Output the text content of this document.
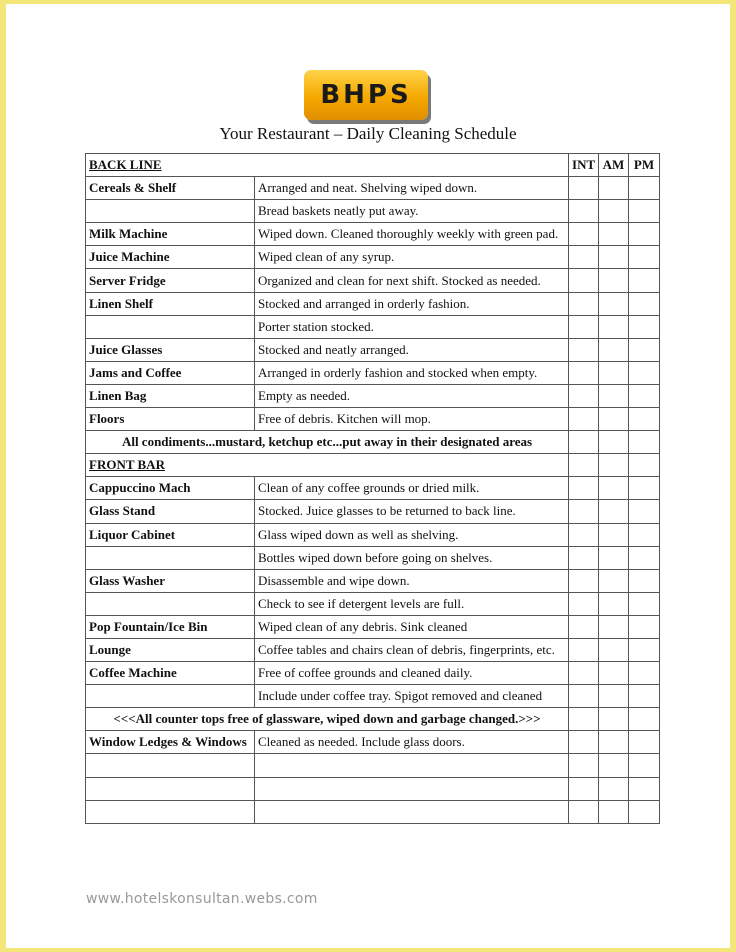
BHPS
Your Restaurant – Daily Cleaning Schedule
BACK LINE		INT	AM	PM
Cereals & Shelf	Arranged and neat. Shelving wiped down.			
	Bread baskets neatly put away.			
Milk Machine	Wiped down. Cleaned thoroughly weekly with green pad.			
Juice Machine	Wiped clean of any syrup.			
Server Fridge	Organized and clean for next shift. Stocked as needed.			
Linen Shelf	Stocked and arranged in orderly fashion.			
	Porter station stocked.			
Juice Glasses	Stocked and neatly arranged.			
Jams and Coffee	Arranged in orderly fashion and stocked when empty.			
Linen Bag	Empty as needed.			
Floors	Free of debris. Kitchen will mop.			
All condiments...mustard, ketchup etc...put away in their designated areas				
FRONT BAR				
Cappuccino Mach	Clean of any coffee grounds or dried milk.			
Glass Stand	Stocked. Juice glasses to be returned to back line.			
Liquor Cabinet	Glass wiped down as well as shelving.			
	Bottles wiped down before going on shelves.			
Glass Washer	Disassemble and wipe down.			
	Check to see if detergent levels are full.			
Pop Fountain/Ice Bin	Wiped clean of any debris. Sink cleaned			
Lounge	Coffee tables and chairs clean of debris, fingerprints, etc.			
Coffee Machine	Free of coffee grounds and cleaned daily.			
	Include under coffee tray. Spigot removed and cleaned			
<<<All counter tops free of glassware, wiped down and garbage changed.>>>				
Window Ledges & Windows	Cleaned as needed. Include glass doors.			

www.hotelskonsultan.webs.com
